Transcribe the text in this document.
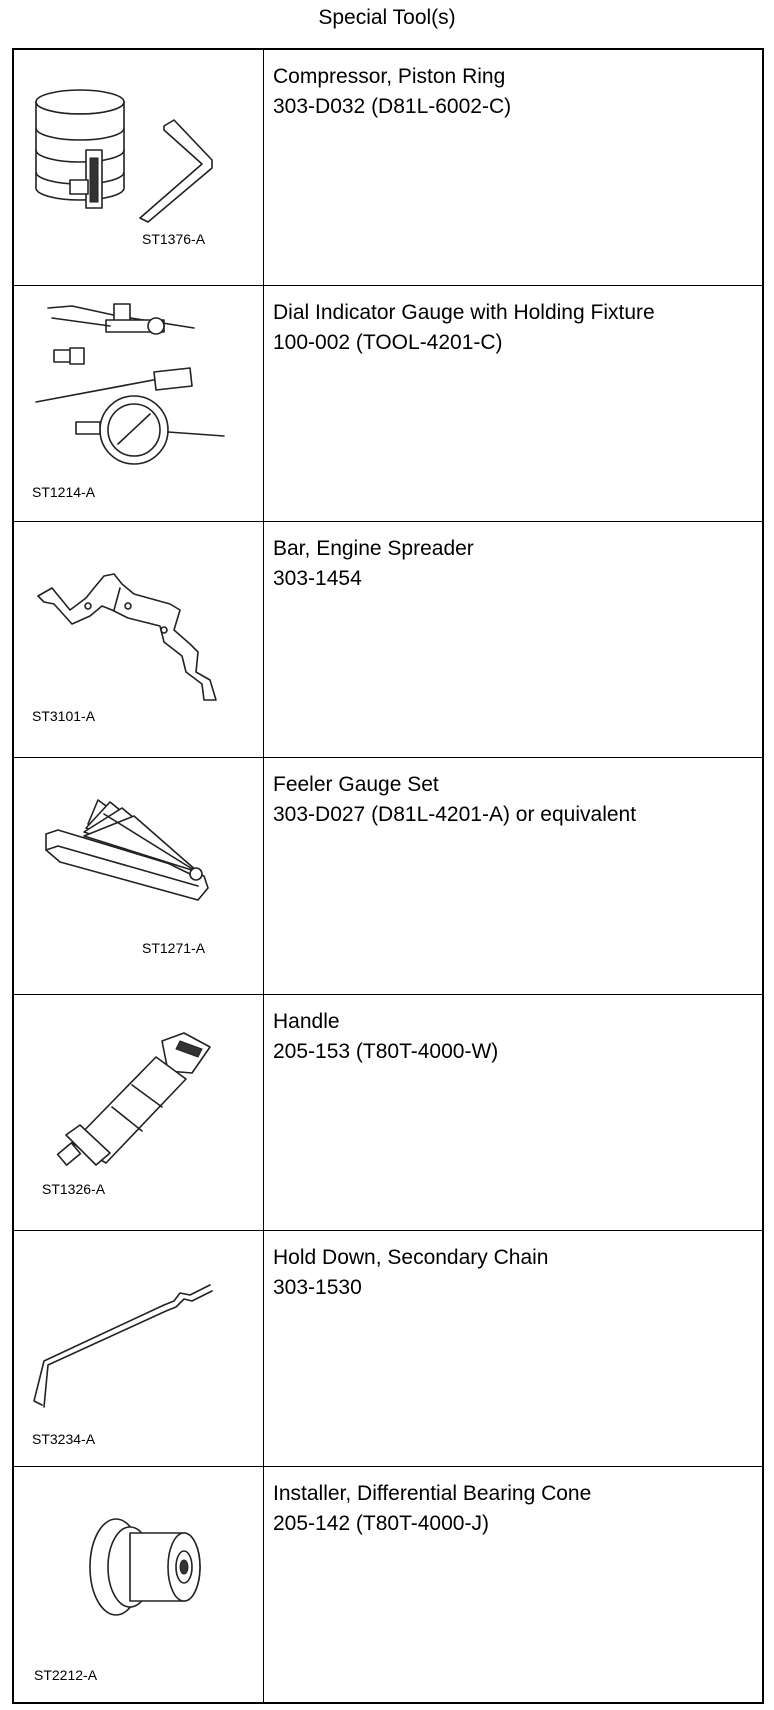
Special Tool(s)
ST1376-A	Compressor, Piston Ring
303-D032 (D81L-6002-C)

ST1214-A	Dial Indicator Gauge with Holding Fixture
100-002 (TOOL-4201-C)

ST3101-A	Bar, Engine Spreader
303-1454

ST1271-A	Feeler Gauge Set
303-D027 (D81L-4201-A) or equivalent

ST1326-A	Handle
205-153 (T80T-4000-W)

ST3234-A	Hold Down, Secondary Chain
303-1530

ST2212-A	Installer, Differential Bearing Cone
205-142 (T80T-4000-J)
